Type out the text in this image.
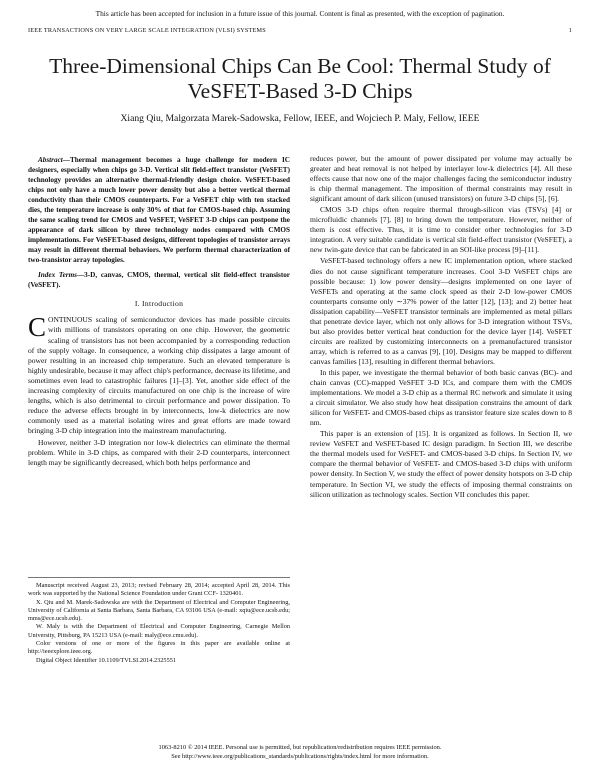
This article has been accepted for inclusion in a future issue of this journal. Content is final as presented, with the exception of pagination.
IEEE TRANSACTIONS ON VERY LARGE SCALE INTEGRATION (VLSI) SYSTEMS	1
Three-Dimensional Chips Can Be Cool: Thermal Study of VeSFET-Based 3-D Chips
Xiang Qiu, Malgorzata Marek-Sadowska, Fellow, IEEE, and Wojciech P. Maly, Fellow, IEEE
Abstract—Thermal management becomes a huge challenge for modern IC designers, especially when chips go 3-D. Vertical slit field-effect transistor (VeSFET) technology provides an alternative thermal-friendly design choice. VeSFET-based chips not only have a much lower power density but also a better vertical thermal conductivity than their CMOS counterparts. For a VeSFET chip with ten stacked dies, the temperature increase is only 30% of that for CMOS-based chip. Assuming the same scaling trend for CMOS and VeSFET, VeSFET 3-D chips can postpone the appearance of dark silicon by three technology nodes compared with CMOS implementations. For VeSFET-based designs, different topologies of transistor arrays may result in different thermal behaviors. We perform thermal characterization of two-transistor array topologies.
Index Terms—3-D, canvas, CMOS, thermal, vertical slit field-effect transistor (VeSFET).
I. Introduction

CONTINUOUS scaling of semiconductor devices has made possible circuits with millions of transistors operating on one chip. However, the geometric scaling of transistors has not been accompanied by a corresponding reduction of the supply voltage. In consequence, a working chip dissipates a large amount of power resulting in an increased chip temperature. Such an elevated temperature is highly undesirable, because it may affect chip's performance, decrease its lifetime, and sometimes even lead to catastrophic failures [1]–[3]. Yet, another side effect of the increasing complexity of circuits manufactured on one chip is the increase of wire lengths, which is also detrimental to circuit performance and power dissipation. To reduce the adverse effects brought in by interconnects, low-k dielectrics are now commonly used as a material isolating wires and great efforts are made toward bringing 3-D chip integration into the mainstream manufacturing.

However, neither 3-D integration nor low-k dielectrics can eliminate the thermal problem. While in 3-D chips, as compared with their 2-D counterparts, interconnect length may be significantly decreased, which both helps performance and

Manuscript received August 23, 2013; revised February 28, 2014; accepted April 28, 2014. This work was supported by the National Science Foundation under Grant CCF- 1320401.

X. Qiu and M. Marek-Sadowska are with the Department of Electrical and Computer Engineering, University of California at Santa Barbara, Santa Barbara, CA 93106 USA (e-mail: xqiu@ece.ucsb.edu; mms@ece.ucsb.edu).

W. Maly is with the Department of Electrical and Computer Engineering, Carnegie Mellon University, Pittsburg, PA 15213 USA (e-mail: maly@ece.cmu.edu).

Color versions of one or more of the figures in this paper are available online at http://ieeexplore.ieee.org.

Digital Object Identifier 10.1109/TVLSI.2014.2325551

reduces power, but the amount of power dissipated per volume may actually be greater and heat removal is not helped by interlayer low-k dielectrics [4]. All these effects cause that now one of the major challenges facing the semiconductor industry is chip thermal management. The imposition of thermal constraints may result in significant amount of dark silicon (unused transistors) on future 3-D chips [5], [6].

CMOS 3-D chips often require thermal through-silicon vias (TSVs) [4] or microfluidic channels [7], [8] to bring down the temperature. However, neither of them is cost effective. Thus, it is time to consider other technologies for 3-D integration. A very suitable candidate is vertical slit field-effect transistor (VeSFET), a new twin-gate device that can be fabricated in an SOI-like process [9]–[11].

VeSFET-based technology offers a new IC implementation option, where stacked dies do not cause significant temperature increases. Cool 3-D VeSFET chips are possible because: 1) low power density—designs implemented on one layer of VeSFETs and operating at the same clock speed as their 2-D low-power CMOS counterparts consume only ∼37% power of the latter [12], [13]; and 2) better heat dissipation capability—VeSFET transistor terminals are implemented as metal pillars that penetrate device layer, which not only allows for 3-D integration without TSVs, but also provides better vertical heat conduction for the device layer [14]. VeSFET circuits are realized by customizing interconnects on a premanufactured transistor array, which is referred to as a canvas [9], [10]. Designs may be mapped to different canvas families [13], resulting in different thermal behaviors.

In this paper, we investigate the thermal behavior of both basic canvas (BC)- and chain canvas (CC)-mapped VeSFET 3-D ICs, and compare them with the CMOS implementations. We model a 3-D chip as a thermal RC network and simulate it using a circuit simulator. We also study how heat dissipation constrains the amount of dark silicon for VeSFET- and CMOS-based chips as transistor feature size scales down to 8 nm.

This paper is an extension of [15]. It is organized as follows. In Section II, we review VeSFET and VeSFET-based IC design paradigm. In Section III, we describe the thermal models used for VeSFET- and CMOS-based 3-D chips. In Section IV, we compare the thermal behavior of VeSFET- and CMOS-based 3-D chips with uniform power density. In Section V, we study the effect of power density hotspots on 3-D chip temperature. In Section VI, we study the effects of imposing thermal constraints on silicon utilization as technology scales. Section VII concludes this paper.

1063-8210 © 2014 IEEE. Personal use is permitted, but republication/redistribution requires IEEE permission.
See http://www.ieee.org/publications_standards/publications/rights/index.html for more information.
